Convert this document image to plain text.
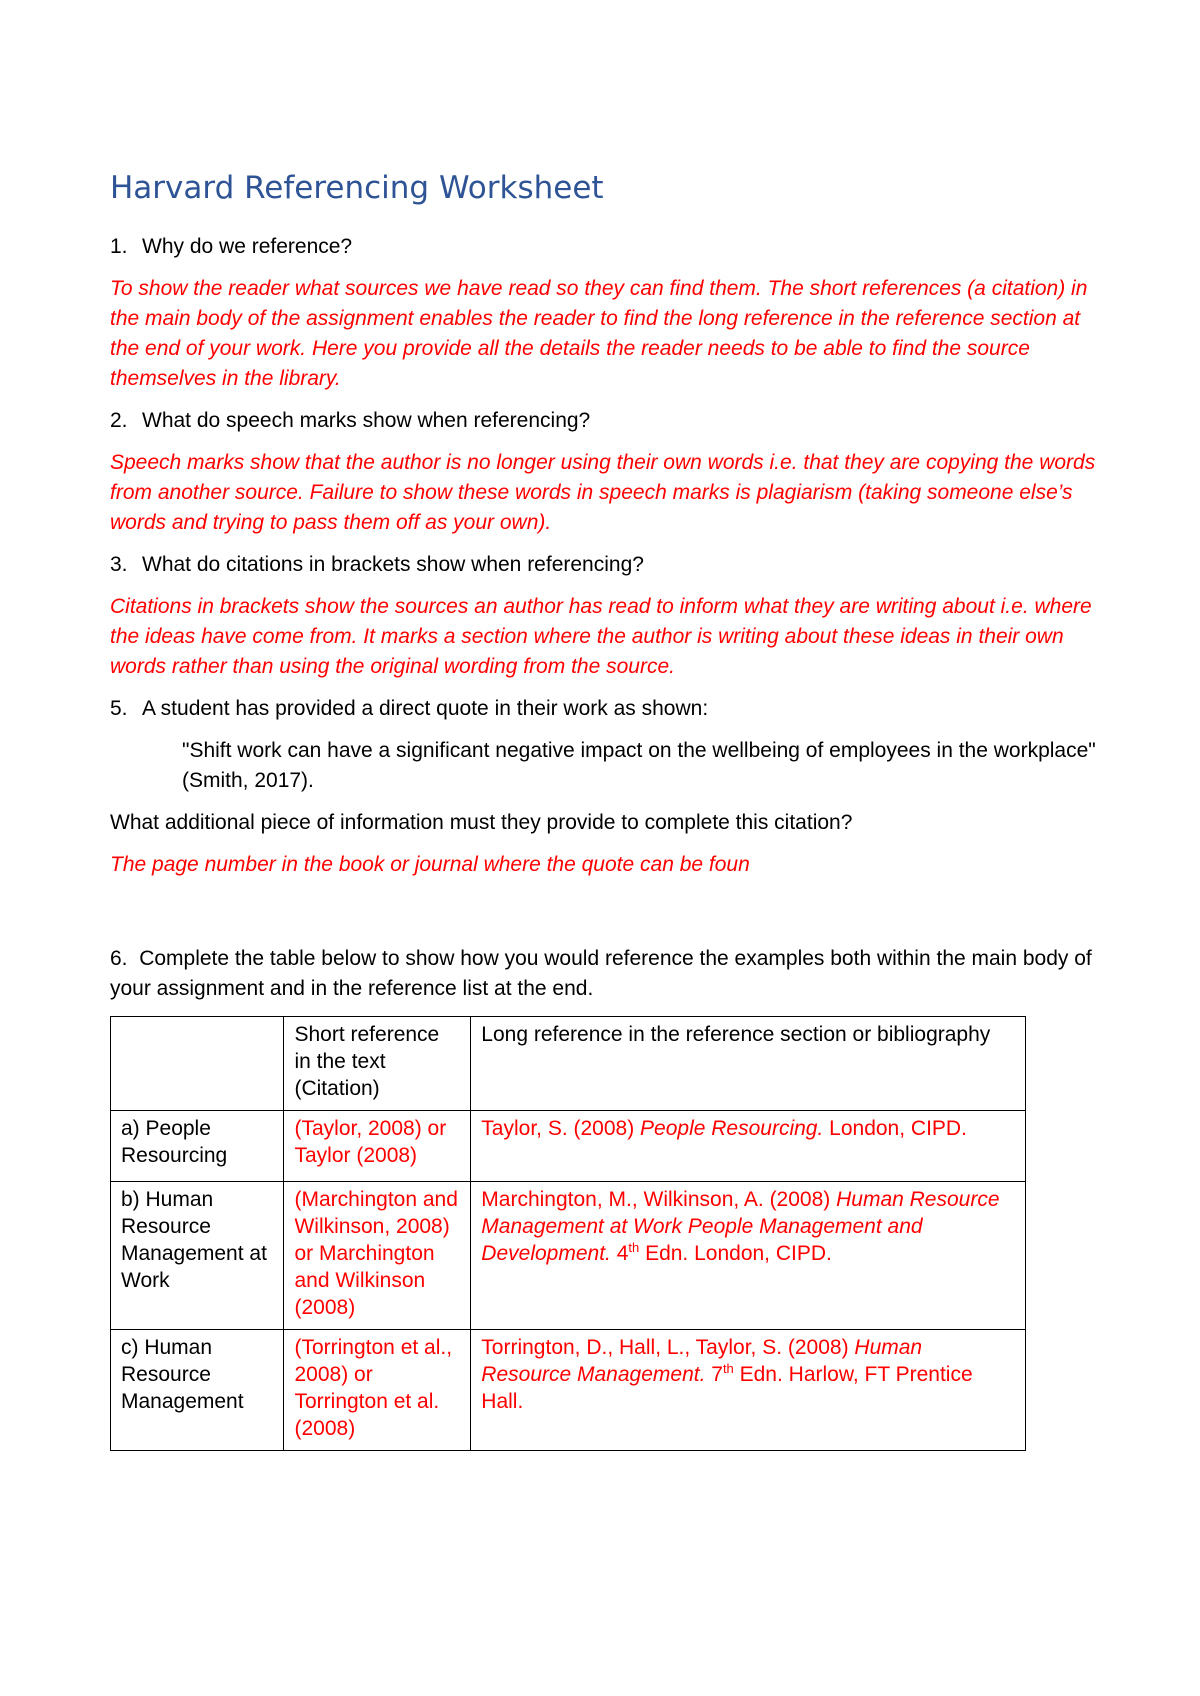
Harvard Referencing Worksheet
1. Why do we reference?
To show the reader what sources we have read so they can find them. The short references (a citation) in the main body of the assignment enables the reader to find the long reference in the reference section at the end of your work. Here you provide all the details the reader needs to be able to find the source themselves in the library.
2. What do speech marks show when referencing?
Speech marks show that the author is no longer using their own words i.e. that they are copying the words from another source. Failure to show these words in speech marks is plagiarism (taking someone else’s words and trying to pass them off as your own).
3. What do citations in brackets show when referencing?
Citations in brackets show the sources an author has read to inform what they are writing about i.e. where the ideas have come from. It marks a section where the author is writing about these ideas in their own words rather than using the original wording from the source.
5. A student has provided a direct quote in their work as shown:
"Shift work can have a significant negative impact on the wellbeing of employees in the workplace" (Smith, 2017).
What additional piece of information must they provide to complete this citation?
The page number in the book or journal where the quote can be foun
6. Complete the table below to show how you would reference the examples both within the main body of your assignment and in the reference list at the end.
	Short reference in the text (Citation)	Long reference in the reference section or bibliography
a) People Resourcing	(Taylor, 2008) or Taylor (2008)	Taylor, S. (2008) People Resourcing. London, CIPD.
b) Human Resource Management at Work	(Marchington and Wilkinson, 2008) or Marchington and Wilkinson (2008)	Marchington, M., Wilkinson, A. (2008) Human Resource Management at Work People Management and Development. 4th Edn. London, CIPD.
c) Human Resource Management	(Torrington et al., 2008) or Torrington et al. (2008)	Torrington, D., Hall, L., Taylor, S. (2008) Human Resource Management. 7th Edn. Harlow, FT Prentice Hall.
